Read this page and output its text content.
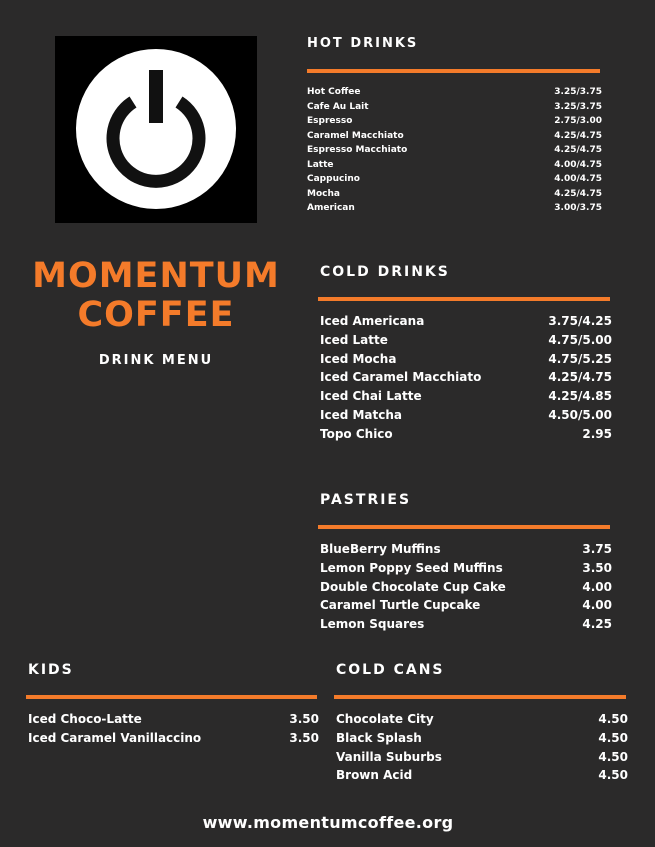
MOMENTUM
COFFEE
DRINK MENU
HOT DRINKS
Hot Coffee	3.25/3.75
Cafe Au Lait	3.25/3.75
Espresso	2.75/3.00
Caramel Macchiato	4.25/4.75
Espresso Macchiato	4.25/4.75
Latte	4.00/4.75
Cappucino	4.00/4.75
Mocha	4.25/4.75
American	3.00/3.75
COLD DRINKS
Iced Americana	3.75/4.25
Iced Latte	4.75/5.00
Iced Mocha	4.75/5.25
Iced Caramel Macchiato	4.25/4.75
Iced Chai Latte	4.25/4.85
Iced Matcha	4.50/5.00
Topo Chico	2.95
PASTRIES
BlueBerry Muffins	3.75
Lemon Poppy Seed Muffins	3.50
Double Chocolate Cup Cake	4.00
Caramel Turtle Cupcake	4.00
Lemon Squares	4.25
KIDS
Iced Choco-Latte	3.50
Iced Caramel Vanillaccino	3.50
COLD CANS
Chocolate City	4.50
Black Splash	4.50
Vanilla Suburbs	4.50
Brown Acid	4.50
www.momentumcoffee.org
